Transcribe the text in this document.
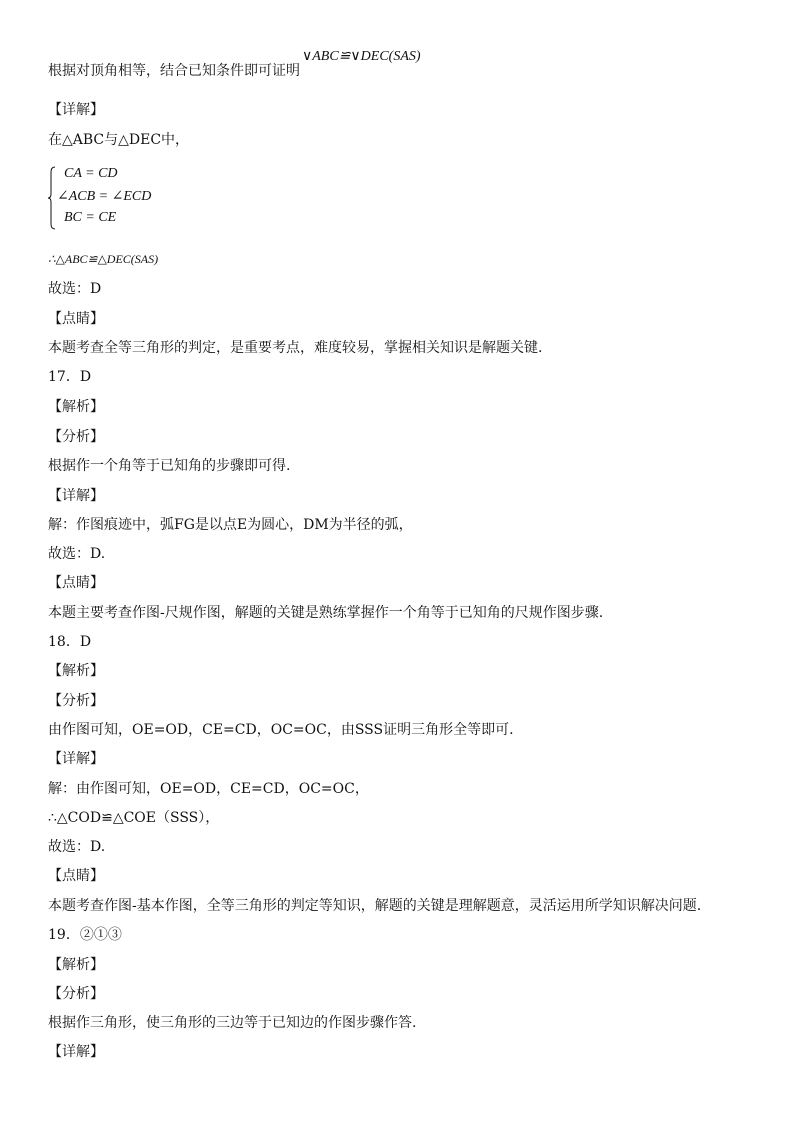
∨ABC≌∨DEC(SAS)
根据对顶角相等，结合已知条件即可证明
【详解】
在△ABC与△DEC中，
CA = CD
∠ACB = ∠ECD
BC = CE
∴△ABC≌△DEC(SAS)
故选：D
【点睛】
本题考查全等三角形的判定，是重要考点，难度较易，掌握相关知识是解题关键.
17．D
【解析】
【分析】
根据作一个角等于已知角的步骤即可得.
【详解】
解：作图痕迹中，弧FG是以点E为圆心，DM为半径的弧，
故选：D.
【点睛】
本题主要考查作图-尺规作图，解题的关键是熟练掌握作一个角等于已知角的尺规作图步骤.
18．D
【解析】
【分析】
由作图可知，OE=OD，CE=CD，OC=OC，由SSS证明三角形全等即可.
【详解】
解：由作图可知，OE=OD，CE=CD，OC=OC，
∴△COD≌△COE（SSS），
故选：D.
【点睛】
本题考查作图-基本作图，全等三角形的判定等知识，解题的关键是理解题意，灵活运用所学知识解决问题.
19．②①③
【解析】
【分析】
根据作三角形，使三角形的三边等于已知边的作图步骤作答.
【详解】
